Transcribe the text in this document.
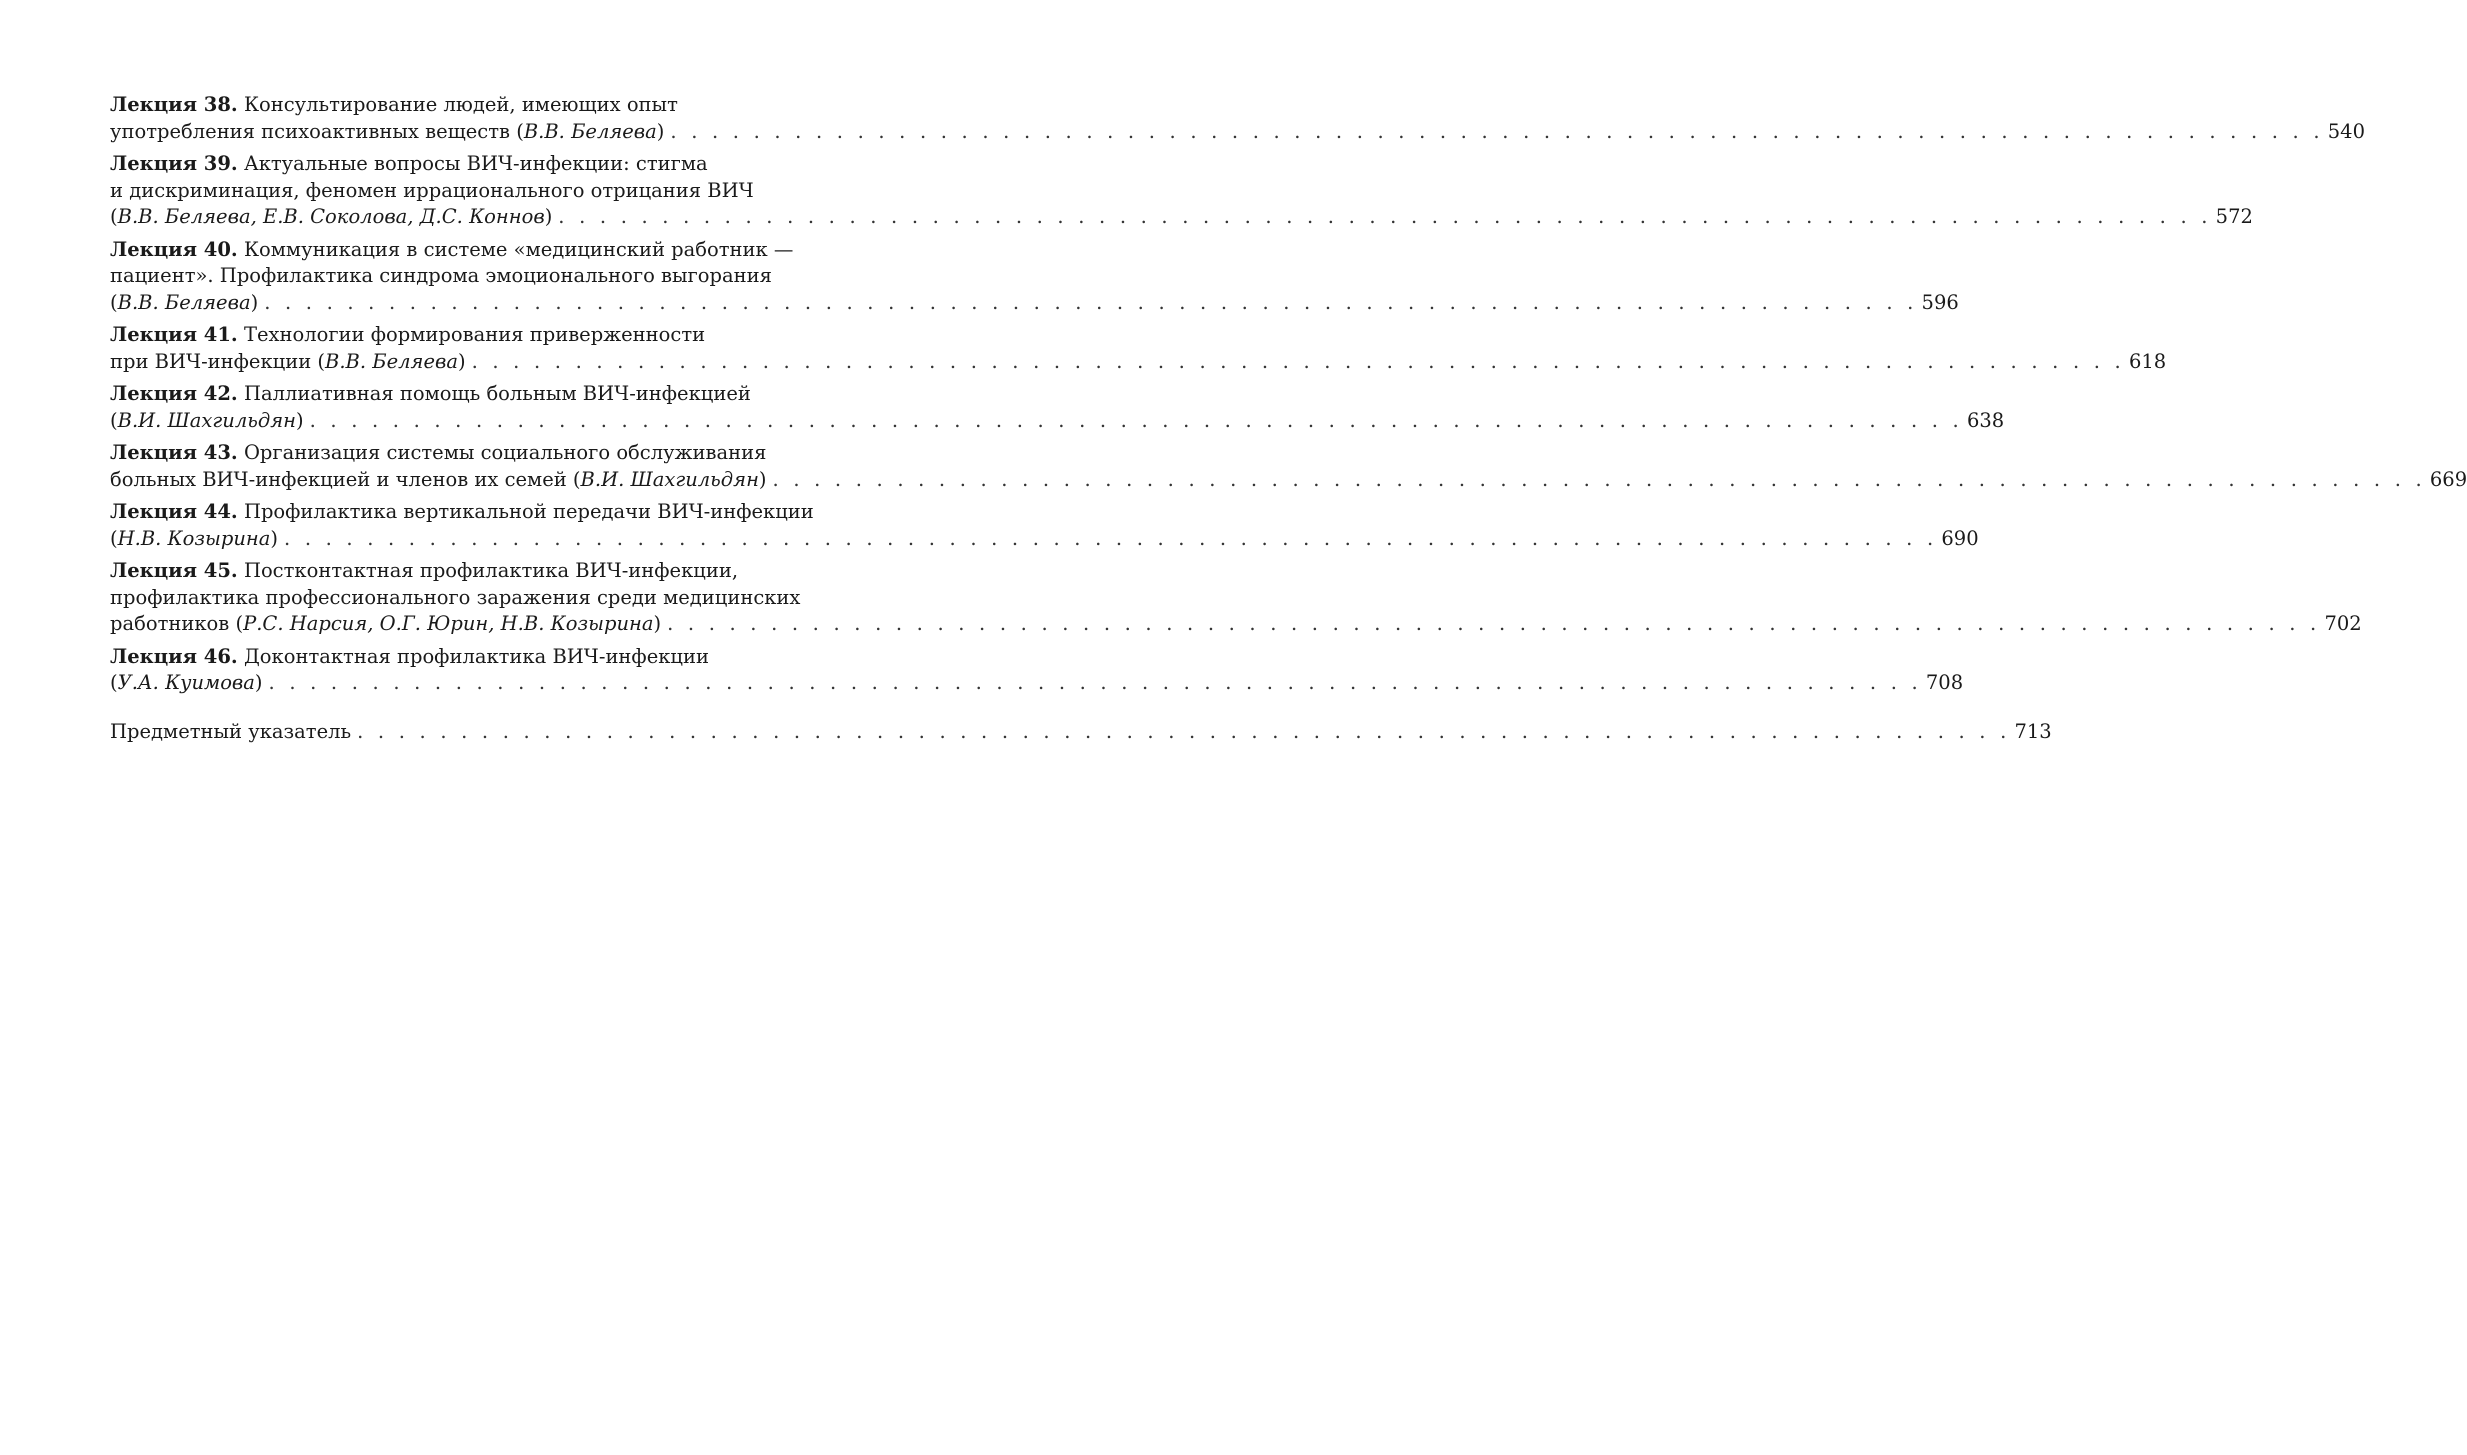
Лекция 38. Консультирование людей, имеющих опыт
употребления психоактивных веществ (В.В. Беляева) . . . . . . . . . . . . . . . . . . . . . . . . . . . . . . . . . . . . . . . . . . . . . . . . . . . . . . . . . . . . . . . . . . . . . . . . . . . . . . . . 540
Лекция 39. Актуальные вопросы ВИЧ-инфекции: стигма
и дискриминация, феномен иррационального отрицания ВИЧ
(В.В. Беляева, Е.В. Соколова, Д.С. Коннов) . . . . . . . . . . . . . . . . . . . . . . . . . . . . . . . . . . . . . . . . . . . . . . . . . . . . . . . . . . . . . . . . . . . . . . . . . . . . . . . . 572
Лекция 40. Коммуникация в системе «медицинский работник —
пациент». Профилактика синдрома эмоционального выгорания
(В.В. Беляева) . . . . . . . . . . . . . . . . . . . . . . . . . . . . . . . . . . . . . . . . . . . . . . . . . . . . . . . . . . . . . . . . . . . . . . . . . . . . . . . . 596
Лекция 41. Технологии формирования приверженности
при ВИЧ-инфекции (В.В. Беляева) . . . . . . . . . . . . . . . . . . . . . . . . . . . . . . . . . . . . . . . . . . . . . . . . . . . . . . . . . . . . . . . . . . . . . . . . . . . . . . . . 618
Лекция 42. Паллиативная помощь больным ВИЧ-инфекцией
(В.И. Шахгильдян) . . . . . . . . . . . . . . . . . . . . . . . . . . . . . . . . . . . . . . . . . . . . . . . . . . . . . . . . . . . . . . . . . . . . . . . . . . . . . . . . 638
Лекция 43. Организация системы социального обслуживания
больных ВИЧ-инфекцией и членов их семей (В.И. Шахгильдян) . . . . . . . . . . . . . . . . . . . . . . . . . . . . . . . . . . . . . . . . . . . . . . . . . . . . . . . . . . . . . . . . . . . . . . . . . . . . . . . . 669
Лекция 44. Профилактика вертикальной передачи ВИЧ-инфекции
(Н.В. Козырина) . . . . . . . . . . . . . . . . . . . . . . . . . . . . . . . . . . . . . . . . . . . . . . . . . . . . . . . . . . . . . . . . . . . . . . . . . . . . . . . . 690
Лекция 45. Постконтактная профилактика ВИЧ-инфекции,
профилактика профессионального заражения среди медицинских
работников (Р.С. Нарсия, О.Г. Юрин, Н.В. Козырина) . . . . . . . . . . . . . . . . . . . . . . . . . . . . . . . . . . . . . . . . . . . . . . . . . . . . . . . . . . . . . . . . . . . . . . . . . . . . . . . . 702
Лекция 46. Доконтактная профилактика ВИЧ-инфекции
(У.А. Куимова) . . . . . . . . . . . . . . . . . . . . . . . . . . . . . . . . . . . . . . . . . . . . . . . . . . . . . . . . . . . . . . . . . . . . . . . . . . . . . . . . 708
Предметный указатель . . . . . . . . . . . . . . . . . . . . . . . . . . . . . . . . . . . . . . . . . . . . . . . . . . . . . . . . . . . . . . . . . . . . . . . . . . . . . . . . 713
